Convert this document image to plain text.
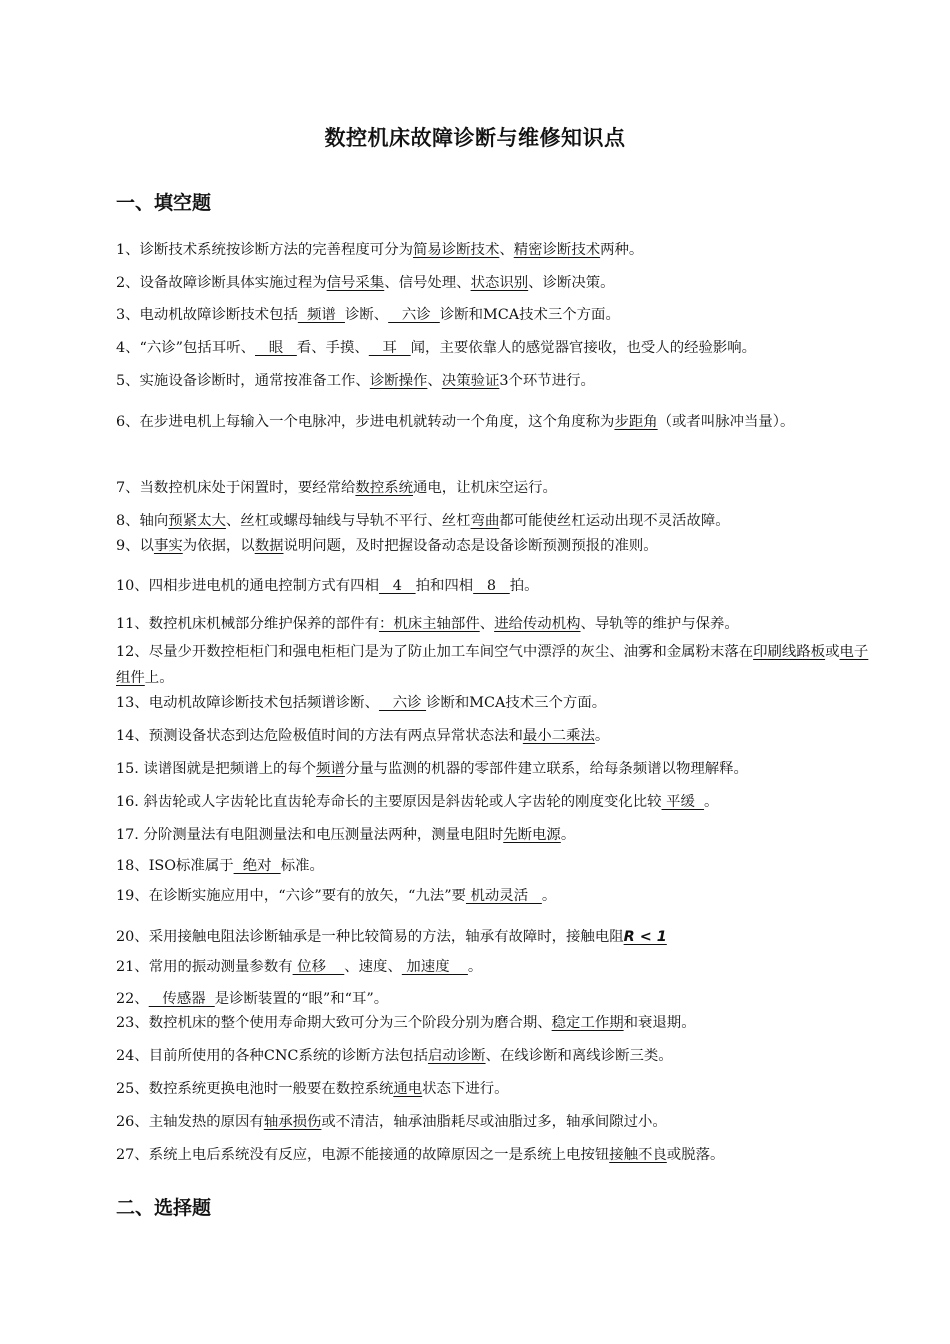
数控机床故障诊断与维修知识点
一、填空题
1、诊断技术系统按诊断方法的完善程度可分为简易诊断技术、精密诊断技术两种。
2、设备故障诊断具体实施过程为信号采集、信号处理、状态识别、诊断决策。
3、电动机故障诊断技术包括  频谱  诊断、   六诊  诊断和MCA技术三个方面。
4、“六诊”包括耳听、   眼   看、手摸、   耳   闻，主要依靠人的感觉器官接收，也受人的经验影响。
5、实施设备诊断时，通常按准备工作、诊断操作、决策验证3个环节进行。
6、在步进电机上每输入一个电脉冲，步进电机就转动一个角度，这个角度称为步距角（或者叫脉冲当量）。
7、当数控机床处于闲置时，要经常给数控系统通电，让机床空运行。
8、轴向预紧太大、丝杠或螺母轴线与导轨不平行、丝杠弯曲都可能使丝杠运动出现不灵活故障。
9、以事实为依据，以数据说明问题，及时把握设备动态是设备诊断预测预报的准则。
10、四相步进电机的通电控制方式有四相   4   拍和四相   8   拍。
11、数控机床机械部分维护保养的部件有：机床主轴部件、进给传动机构、导轨等的维护与保养。
12、尽量少开数控柜柜门和强电柜柜门是为了防止加工车间空气中漂浮的灰尘、油雾和金属粉末落在印刷线路板或电子组件上。
13、电动机故障诊断技术包括频谱诊断、   六诊 诊断和MCA技术三个方面。
14、预测设备状态到达危险极值时间的方法有两点异常状态法和最小二乘法。
15. 读谱图就是把频谱上的每个频谱分量与监测的机器的零部件建立联系，给每条频谱以物理解释。
16. 斜齿轮或人字齿轮比直齿轮寿命长的主要原因是斜齿轮或人字齿轮的刚度变化比较 平缓  。
17. 分阶测量法有电阻测量法和电压测量法两种，测量电阻时先断电源。
18、ISO标准属于  绝对  标准。
19、在诊断实施应用中，“六诊”要有的放矢，“九法”要 机动灵活   。
20、采用接触电阻法诊断轴承是一种比较简易的方法，轴承有故障时，接触电阻R < 1
21、常用的振动测量参数有 位移    、速度、 加速度    。
22、   传感器  是诊断装置的“眼”和“耳”。
23、数控机床的整个使用寿命期大致可分为三个阶段分别为磨合期、稳定工作期和衰退期。
24、目前所使用的各种CNC系统的诊断方法包括启动诊断、在线诊断和离线诊断三类。
25、数控系统更换电池时一般要在数控系统通电状态下进行。
26、主轴发热的原因有轴承损伤或不清洁，轴承油脂耗尽或油脂过多，轴承间隙过小。
27、系统上电后系统没有反应，电源不能接通的故障原因之一是系统上电按钮接触不良或脱落。
二、选择题
